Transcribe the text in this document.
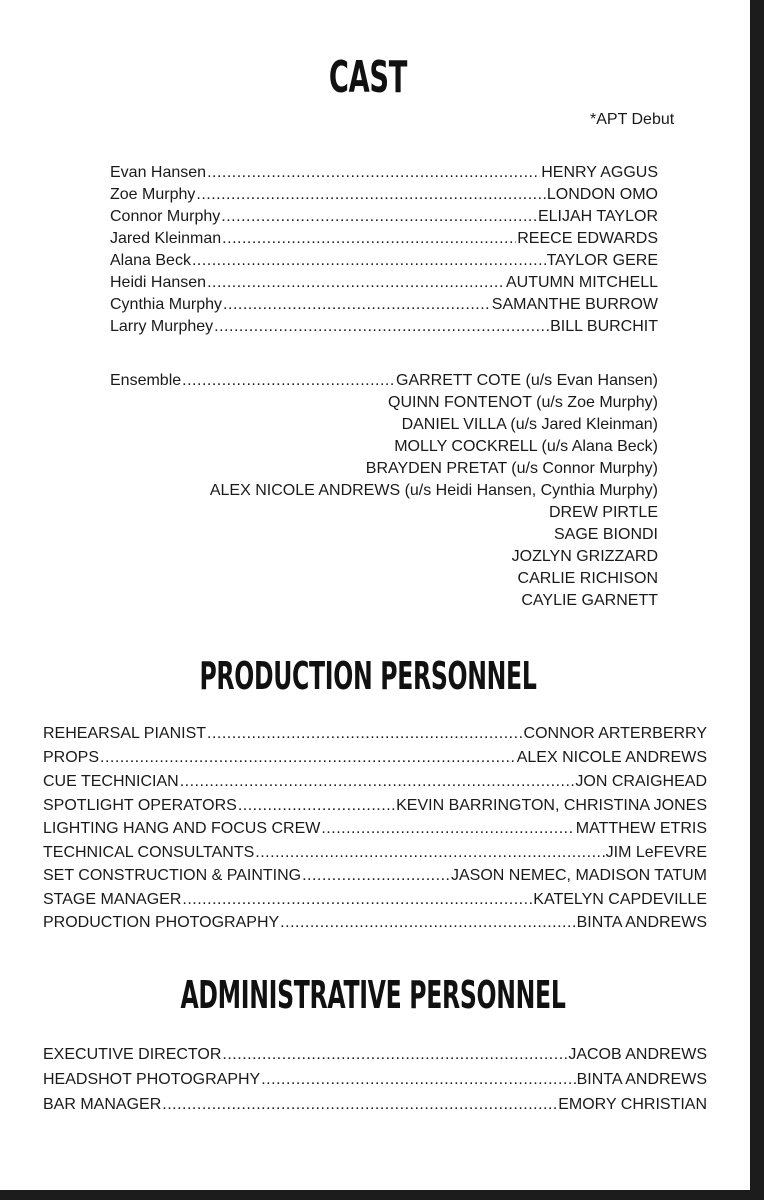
CAST
*APT Debut
Evan Hansen .....	HENRY AGGUS
Zoe Murphy .....	LONDON OMO
Connor Murphy .....	ELIJAH TAYLOR
Jared Kleinman .....	REECE EDWARDS
Alana Beck .....	TAYLOR GERE
Heidi Hansen .....	AUTUMN MITCHELL
Cynthia Murphy .....	SAMANTHE BURROW
Larry Murphey .....	BILL BURCHIT
Ensemble .....	GARRETT COTE (u/s Evan Hansen)
QUINN FONTENOT (u/s Zoe Murphy)
DANIEL VILLA (u/s Jared Kleinman)
MOLLY COCKRELL (u/s Alana Beck)
BRAYDEN PRETAT (u/s Connor Murphy)
ALEX NICOLE ANDREWS (u/s Heidi Hansen, Cynthia Murphy)
DREW PIRTLE
SAGE BIONDI
JOZLYN GRIZZARD
CARLIE RICHISON
CAYLIE GARNETT
PRODUCTION PERSONNEL
REHEARSAL PIANIST .....	CONNOR ARTERBERRY
PROPS .....	ALEX NICOLE ANDREWS
CUE TECHNICIAN .....	JON CRAIGHEAD
SPOTLIGHT OPERATORS .....	KEVIN BARRINGTON, CHRISTINA JONES
LIGHTING HANG AND FOCUS CREW .....	MATTHEW ETRIS
TECHNICAL CONSULTANTS .....	JIM LeFEVRE
SET CONSTRUCTION & PAINTING .....	JASON NEMEC, MADISON TATUM
STAGE MANAGER .....	KATELYN CAPDEVILLE
PRODUCTION PHOTOGRAPHY .....	BINTA ANDREWS
ADMINISTRATIVE PERSONNEL
EXECUTIVE DIRECTOR .....	JACOB ANDREWS
HEADSHOT PHOTOGRAPHY .....	BINTA ANDREWS
BAR MANAGER .....	EMORY CHRISTIAN
